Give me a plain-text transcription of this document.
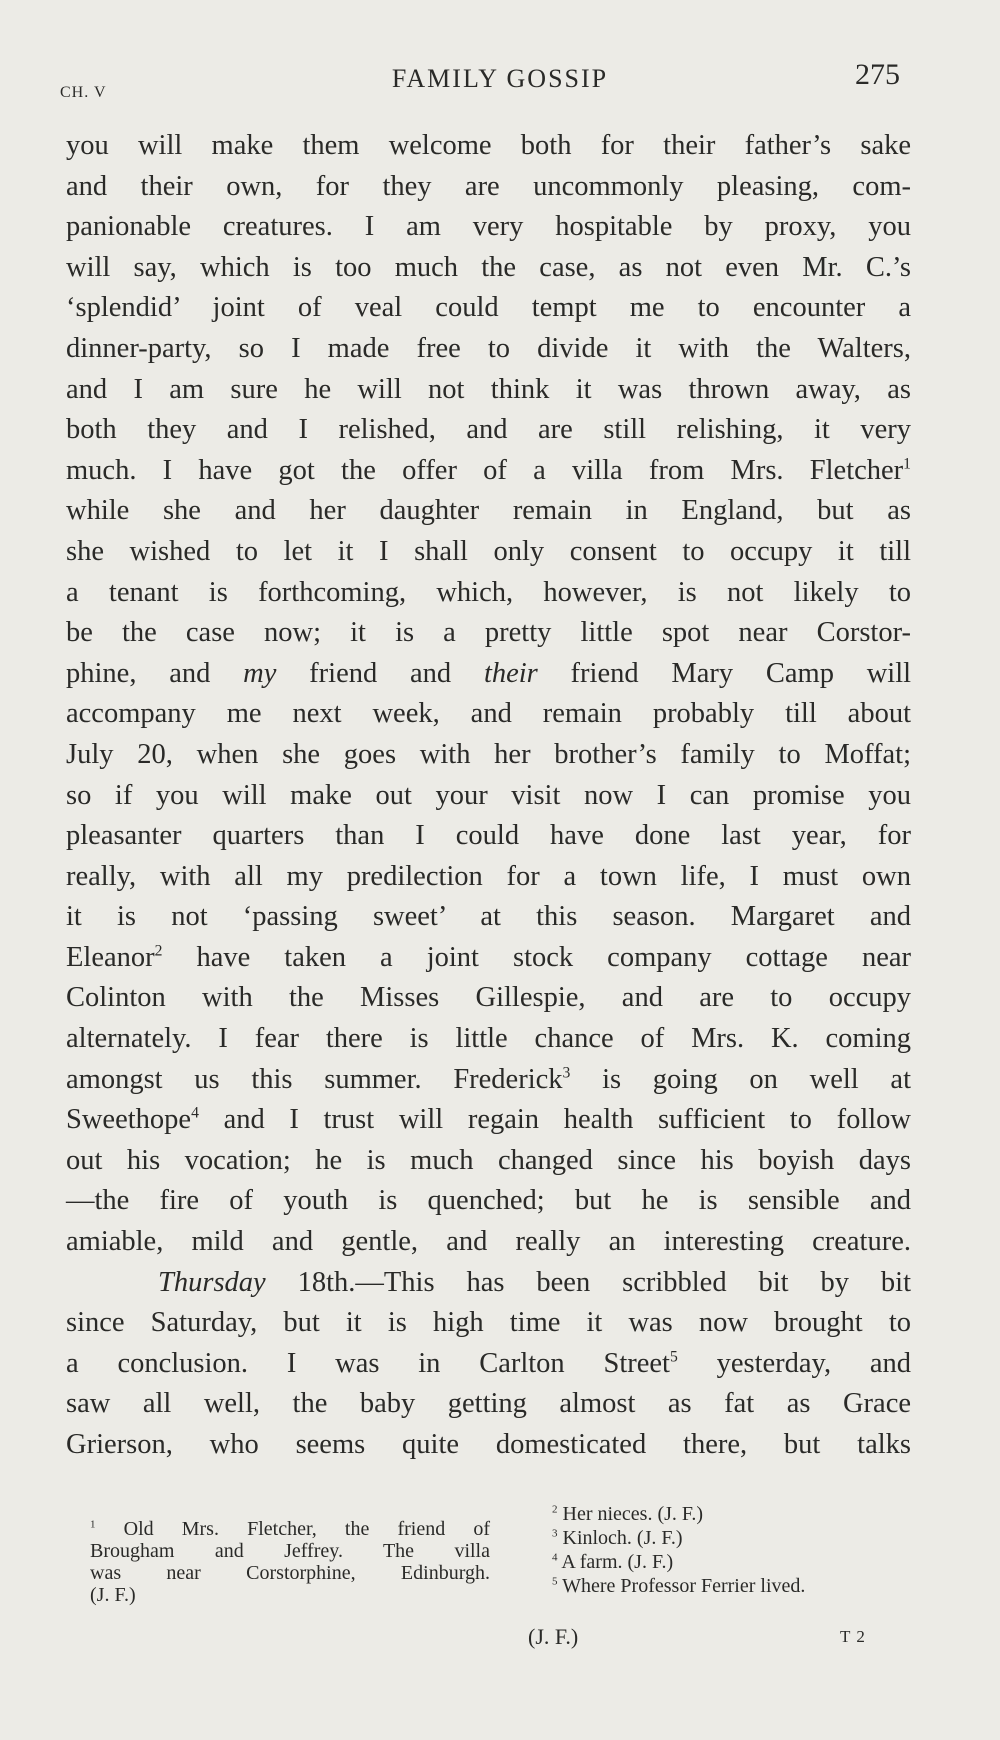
CH. V	FAMILY GOSSIP	275
you will make them welcome both for their father’s sake
and their own, for they are uncommonly pleasing, com-
panionable creatures. I am very hospitable by proxy, you
will say, which is too much the case, as not even Mr. C.’s
‘splendid’ joint of veal could tempt me to encounter a
dinner-party, so I made free to divide it with the Walters,
and I am sure he will not think it was thrown away, as
both they and I relished, and are still relishing, it very
much. I have got the offer of a villa from Mrs. Fletcher$^1$
while she and her daughter remain in England, but as
she wished to let it I shall only consent to occupy it till
a tenant is forthcoming, which, however, is not likely to
be the case now; it is a pretty little spot near Corstor-
phine, and my friend and their friend Mary Camp will
accompany me next week, and remain probably till about
July 20, when she goes with her brother’s family to Moffat;
so if you will make out your visit now I can promise you
pleasanter quarters than I could have done last year, for
really, with all my predilection for a town life, I must own
it is not ‘passing sweet’ at this season. Margaret and
Eleanor$^2$ have taken a joint stock company cottage near
Colinton with the Misses Gillespie, and are to occupy
alternately. I fear there is little chance of Mrs. K. coming
amongst us this summer. Frederick$^3$ is going on well at
Sweethope$^4$ and I trust will regain health sufficient to follow
out his vocation; he is much changed since his boyish days
—the fire of youth is quenched; but he is sensible and
amiable, mild and gentle, and really an interesting creature.
Thursday 18th.—This has been scribbled bit by bit
since Saturday, but it is high time it was now brought to
a conclusion. I was in Carlton Street$^5$ yesterday, and
saw all well, the baby getting almost as fat as Grace
Grierson, who seems quite domesticated there, but talks
$^1$ Old Mrs. Fletcher, the friend of
Brougham and Jeffrey. The villa
was near Corstorphine, Edinburgh.
(J. F.)
$^2$ Her nieces. (J. F.)
$^3$ Kinloch. (J. F.)
$^4$ A farm. (J. F.)
$^5$ Where Professor Ferrier lived.
(J. F.)	T 2
